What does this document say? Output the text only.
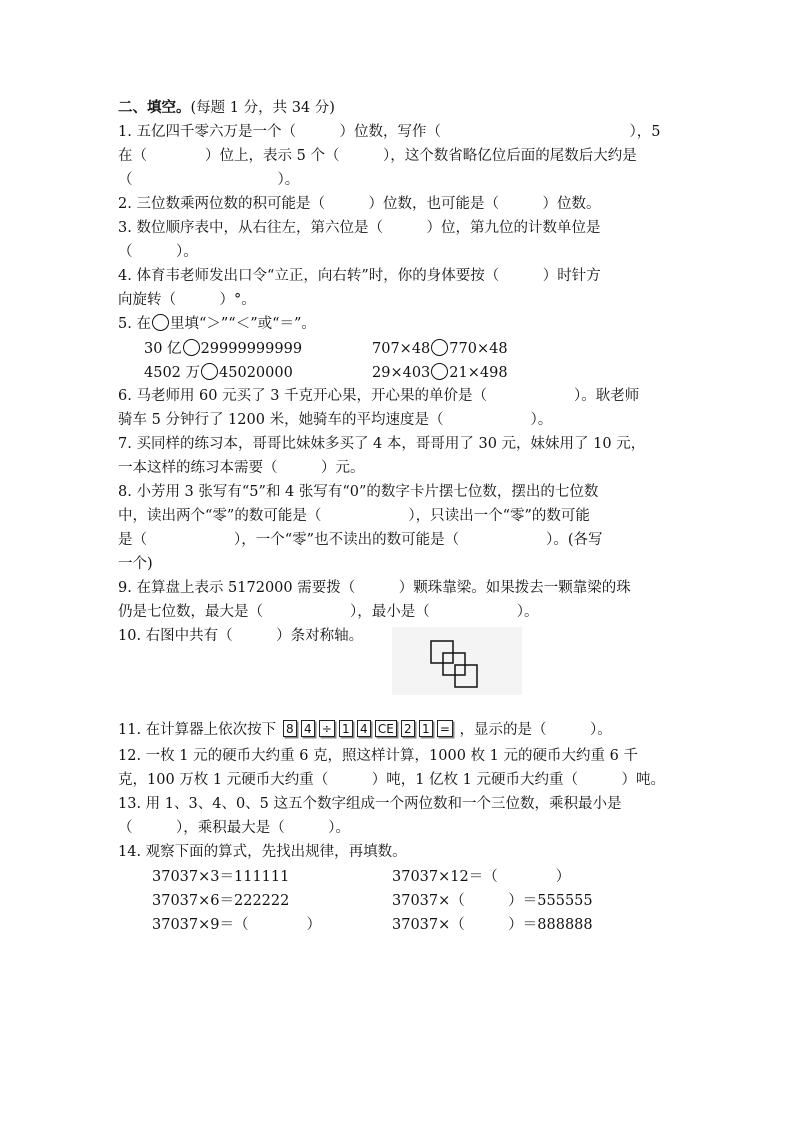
二、填空。(每题 1 分，共 34 分)
1. 五亿四千零六万是一个（　　　）位数，写作（　　　　　　　　　　　　　），5
在（　　　　）位上，表示 5 个（　　　），这个数省略亿位后面的尾数后大约是
（　　　　　　　　　　）。
2. 三位数乘两位数的积可能是（　　　）位数，也可能是（　　　）位数。
3. 数位顺序表中，从右往左，第六位是（　　　）位，第九位的计数单位是
（　　　）。
4. 体育韦老师发出口令“立正，向右转”时，你的身体要按（　　　）时针方
向旋转（　　　）°。
5. 在 里填“＞”“＜”或“＝”。
30 亿 29999999999	707×48 770×48
4502 万 45020000	29×403 21×498
6. 马老师用 60 元买了 3 千克开心果，开心果的单价是（　　　　　　）。耿老师
骑车 5 分钟行了 1200 米，她骑车的平均速度是（　　　　　　）。
7. 买同样的练习本，哥哥比妹妹多买了 4 本，哥哥用了 30 元，妹妹用了 10 元，
一本这样的练习本需要（　　　）元。
8. 小芳用 3 张写有“5”和 4 张写有“0”的数字卡片摆七位数，摆出的七位数
中，读出两个“零”的数可能是（　　　　　　），只读出一个“零”的数可能
是（　　　　　　），一个“零”也不读出的数可能是（　　　　　　）。(各写
一个)
9. 在算盘上表示 5172000 需要拨（　　　）颗珠靠梁。如果拨去一颗靠梁的珠
仍是七位数，最大是（　　　　　　），最小是（　　　　　　）。
10. 右图中共有（　　　）条对称轴。
11. 在计算器上依次按下 8 4 ÷ 1 4 CE 2 1 = ，显示的是（　　　）。
12. 一枚 1 元的硬币大约重 6 克，照这样计算，1000 枚 1 元的硬币大约重 6 千
克，100 万枚 1 元硬币大约重（　　　）吨，1 亿枚 1 元硬币大约重（　　　）吨。
13. 用 1、3、4、0、5 这五个数字组成一个两位数和一个三位数，乘积最小是
（　　　），乘积最大是（　　　）。
14. 观察下面的算式，先找出规律，再填数。
37037×3＝111111
37037×6＝222222
37037×9＝（　　　　）
37037×12＝（　　　　）
37037×（　　　）＝555555
37037×（　　　）＝888888
